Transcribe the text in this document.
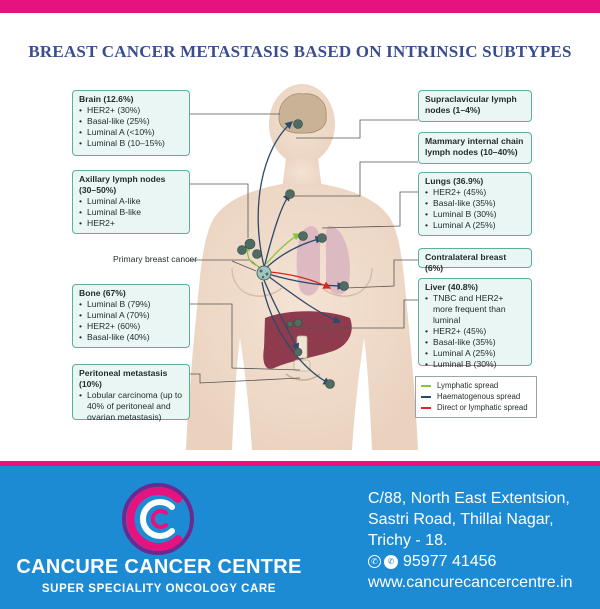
BREAST CANCER METASTASIS BASED ON INTRINSIC SUBTYPES
Brain (12.6%)
• HER2+ (30%)
• Basal-like (25%)
• Luminal A (<10%)
• Luminal B (10–15%)
Axillary lymph nodes (30–50%)
• Luminal A-like
• Luminal B-like
• HER2+
Primary breast cancer
Bone (67%)
• Luminal B (79%)
• Luminal A (70%)
• HER2+ (60%)
• Basal-like (40%)
Peritoneal metastasis (10%)
• Lobular carcinoma (up to 40% of peritoneal and ovarian metastasis)
Supraclavicular lymph nodes (1–4%)
Mammary internal chain lymph nodes (10–40%)
Lungs (36.9%)
• HER2+ (45%)
• Basal-like (35%)
• Luminal B (30%)
• Luminal A (25%)
Contralateral breast (6%)
Liver (40.8%)
• TNBC and HER2+ more frequent than luminal
• HER2+ (45%)
• Basal-like (35%)
• Luminal A (25%)
• Luminal B (30%)
Lymphatic spread
Haematogenous spread
Direct or lymphatic spread
CANCURE CANCER CENTRE
SUPER SPECIALITY ONCOLOGY CARE
C/88, North East Extentsion,
Sastri Road, Thillai Nagar,
Trichy - 18.
✆	✆ 95977 41456
www.cancurecancercentre.in
